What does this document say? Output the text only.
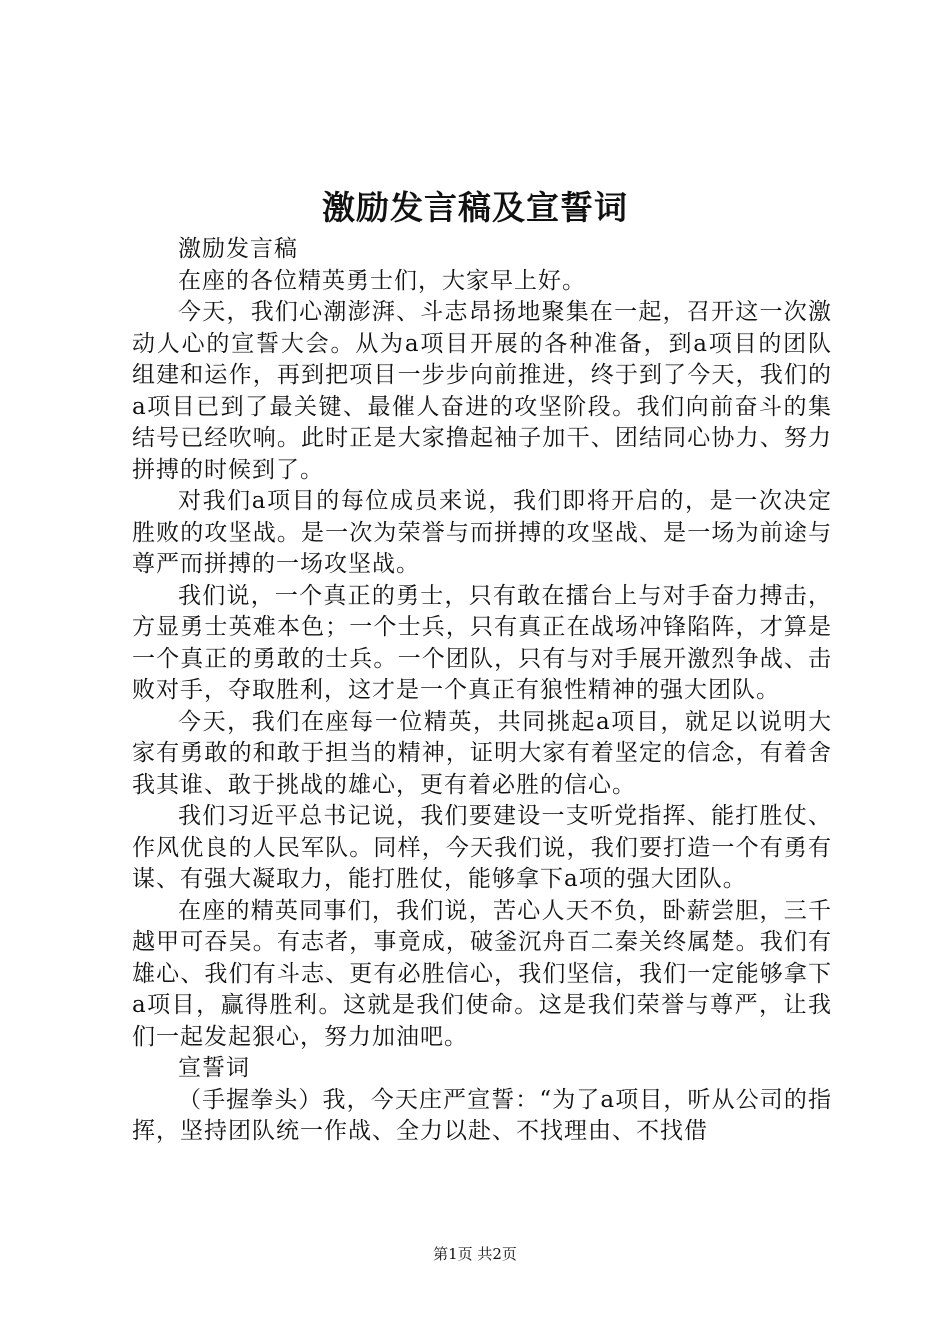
激励发言稿及宣誓词

激励发言稿

在座的各位精英勇士们，大家早上好。

今天，我们心潮澎湃、斗志昂扬地聚集在一起，召开这一次激动人心的宣誓大会。从为a项目开展的各种准备，到a项目的团队组建和运作，再到把项目一步步向前推进，终于到了今天，我们的a项目已到了最关键、最催人奋进的攻坚阶段。我们向前奋斗的集结号已经吹响。此时正是大家撸起袖子加干、团结同心协力、努力拼搏的时候到了。

对我们a项目的每位成员来说，我们即将开启的，是一次决定胜败的攻坚战。是一次为荣誉与而拼搏的攻坚战、是一场为前途与尊严而拼搏的一场攻坚战。

我们说，一个真正的勇士，只有敢在擂台上与对手奋力搏击，方显勇士英难本色；一个士兵，只有真正在战场冲锋陷阵，才算是一个真正的勇敢的士兵。一个团队，只有与对手展开激烈争战、击败对手，夺取胜利，这才是一个真正有狼性精神的强大团队。

今天，我们在座每一位精英，共同挑起a项目，就足以说明大家有勇敢的和敢于担当的精神，证明大家有着坚定的信念，有着舍我其谁、敢于挑战的雄心，更有着必胜的信心。

我们习近平总书记说，我们要建设一支听党指挥、能打胜仗、作风优良的人民军队。同样，今天我们说，我们要打造一个有勇有谋、有强大凝取力，能打胜仗，能够拿下a项的强大团队。

在座的精英同事们，我们说，苦心人天不负，卧薪尝胆，三千越甲可吞吴。有志者，事竟成，破釜沉舟百二秦关终属楚。我们有雄心、我们有斗志、更有必胜信心，我们坚信，我们一定能够拿下a项目，赢得胜利。这就是我们使命。这是我们荣誉与尊严，让我们一起发起狠心，努力加油吧。

宣誓词

（手握拳头）我，今天庄严宣誓：“为了a项目，听从公司的指挥，坚持团队统一作战、全力以赴、不找理由、不找借

第1页 共2页
